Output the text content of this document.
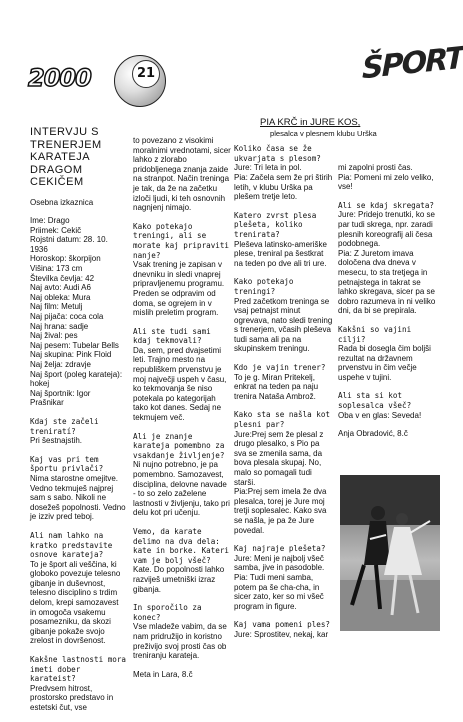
21
2000	ŠPORT

INTERVJU S
TRENERJEM
KARATEJA DRAGOM
CEKIČEM

Osebna izkaznica

Ime: Drago
Priimek: Cekič
Rojstni datum: 28. 10. 1936
Horoskop: škorpijon
Višina: 173 cm
Številka čevlja: 42
Naj avto: Audi A6
Naj obleka: Mura
Naj film: Metulj
Naj pijača: coca cola
Naj hrana: sadje
Naj žival: pes
Naj pesem: Tubelar Bells
Naj skupina: Pink Floid
Naj želja: zdravje
Naj šport (poleg karateja):
hokej
Naj športnik: Igor Prašnikar

Kdaj ste začeli treniratí?

Pri šestnajstih.

Kaj vas pri tem športu privlači?

Nima starostne omejitve. Vedno tekmuješ najprej sam s sabo. Nikoli ne dosežeš popolnosti. Vedno je izziv pred teboj.

Ali nam lahko na kratko predstavite osnove karateja?

To je šport ali veščina, ki globoko povezuje telesno gibanje in duševnost, telesno disciplino s trdim delom, krepi samozavest in omogoča vsakemu posamezniku, da skozi gibanje pokaže svojo zrelost in dovršenost.

Kakšne lastnosti mora imeti dober karateist?

Predvsem hitrost, prostorsko predstavo in estetski čut, vse

to povezano z visokimi moralnimi vrednotami, sicer lahko z zlorabo pridobljenega znanja zaide na stranpot. Način treninga je tak, da že na začetku izloči ljudi, ki teh osnovnih nagnjenj nimajo.

Kako potekajo treningi, ali se morate kaj pripraviti nanje?

Vsak trening je zapisan v dnevniku in sledi vnaprej pripravljenemu programu. Preden se odpravim od doma, se ogrejem in v mislih preletim program.

Ali ste tudi sami kdaj tekmovali?

Da, sem, pred dvajsetimi leti. Trajno mesto na republiškem prvenstvu je moj največji uspeh v času, ko tekmovanja še niso potekala po kategorijah tako kot danes. Sedaj ne tekmujem več.

Ali je znanje karateja pomembno za vsakdanje življenje?

Ni nujno potrebno, je pa pomembno. Samozavest, disciplina, delovne navade - to so zelo zaželene lastnosti v življenju, tako pri delu kot pri učenju.

Vemo, da karate delimo na dva dela: kate in borke. Kateri vam je bolj všeč?

Kate. Do popolnosti lahko razviješ umetniški izraz gibanja.

In sporočilo za konec?

Vse mladeže vabim, da se nam pridružijo in koristno preživijo svoj prosti čas ob treniranju karateja.

Meta in Lara, 8.č

PIA KRČ in JURE KOS,

plesalca v plesnem klubu Urška

Koliko časa se že ukvarjata s plesom?

Jure: Tri leta in pol.
Pia: Začela sem že pri štirih letih, v klubu Urška pa plešem tretje leto.

Katero zvrst plesa plešeta, koliko trenirata?

Pleševa latinsko-ameriške plese, treniral pa šestkrat na teden po dve ali tri ure.

Kako potekajo treningi?

Pred začetkom treninga se vsaj petnajst minut ogrevava, nato sledi trening s trenerjem, včasih pleševa tudi sama ali pa na skupinskem treningu.

Kdo je vajin trener?

To je g. Miran Pritekelj, enkrat na teden pa naju trenira Nataša Ambrož.

Kako sta se našla kot plesni par?

Jure:Prej sem že plesal z drugo plesalko, s Pio pa sva se zmenila sama, da bova plesala skupaj. No, malo so pomagali tudi starši.
Pia:Prej sem imela že dva plesalca, torej je Jure moj tretji soplesalec. Kako sva se našla, je pa že Jure povedal.

Kaj najraje plešeta?

Jure: Meni je najbolj všeč samba, jive in pasodoble.
Pia: Tudi meni samba, potem pa še cha-cha, in sicer zato, ker so mi všeč program in figure.

Kaj vama pomeni ples?

Jure: Sprostitev, nekaj, kar

mi zapolni prosti čas.
Pia: Pomeni mi zelo veliko, vse!

Ali se kdaj skregata?

Jure: Pridejo trenutki, ko se par tudi skrega, npr. zaradi plesnih koreografij ali česa podobnega.
Pia: Z Juretom imava določena dva dneva v mesecu, to sta tretjega in petnajstega in takrat se lahko skregava, sicer pa se dobro razumeva in ni veliko dni, da bi se prepirala.

Kakšni so vajini cilji?

Rada bi dosegla čim boljši rezultat na državnem prvenstvu in čim večje uspehe v tujini.

Ali sta si kot soplesalca všeč?

Oba v en glas: Seveda!

Anja Obradović, 8.č
